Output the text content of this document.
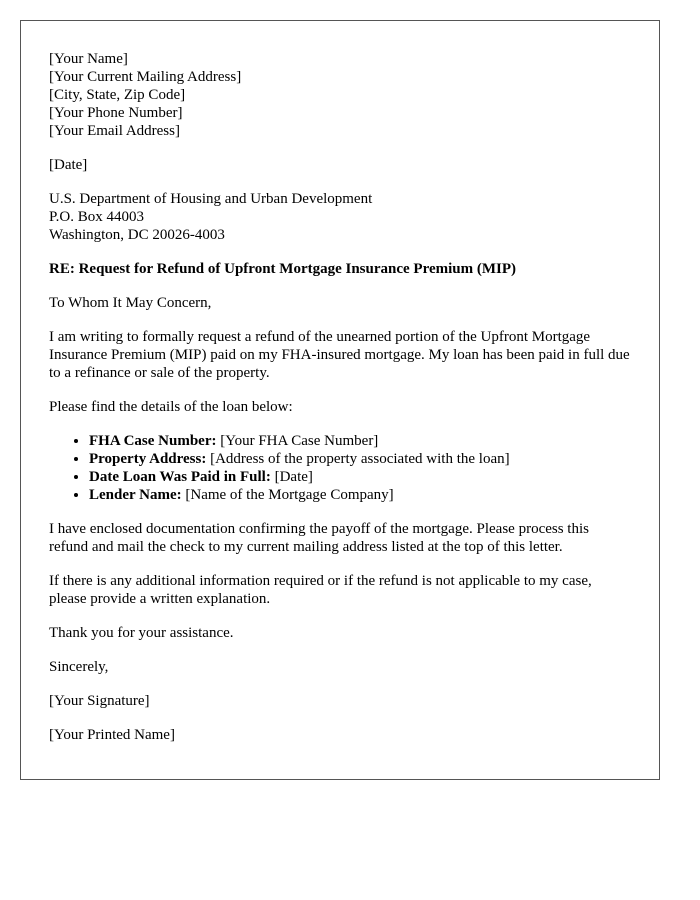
[Your Name]
[Your Current Mailing Address]
[City, State, Zip Code]
[Your Phone Number]
[Your Email Address]

[Date]

U.S. Department of Housing and Urban Development
P.O. Box 44003
Washington, DC 20026-4003

RE: Request for Refund of Upfront Mortgage Insurance Premium (MIP)

To Whom It May Concern,

I am writing to formally request a refund of the unearned portion of the Upfront Mortgage Insurance Premium (MIP) paid on my FHA-insured mortgage. My loan has been paid in full due to a refinance or sale of the property.

Please find the details of the loan below:

• FHA Case Number: [Your FHA Case Number]
• Property Address: [Address of the property associated with the loan]
• Date Loan Was Paid in Full: [Date]
• Lender Name: [Name of the Mortgage Company]

I have enclosed documentation confirming the payoff of the mortgage. Please process this refund and mail the check to my current mailing address listed at the top of this letter.

If there is any additional information required or if the refund is not applicable to my case, please provide a written explanation.

Thank you for your assistance.

Sincerely,

[Your Signature]

[Your Printed Name]
